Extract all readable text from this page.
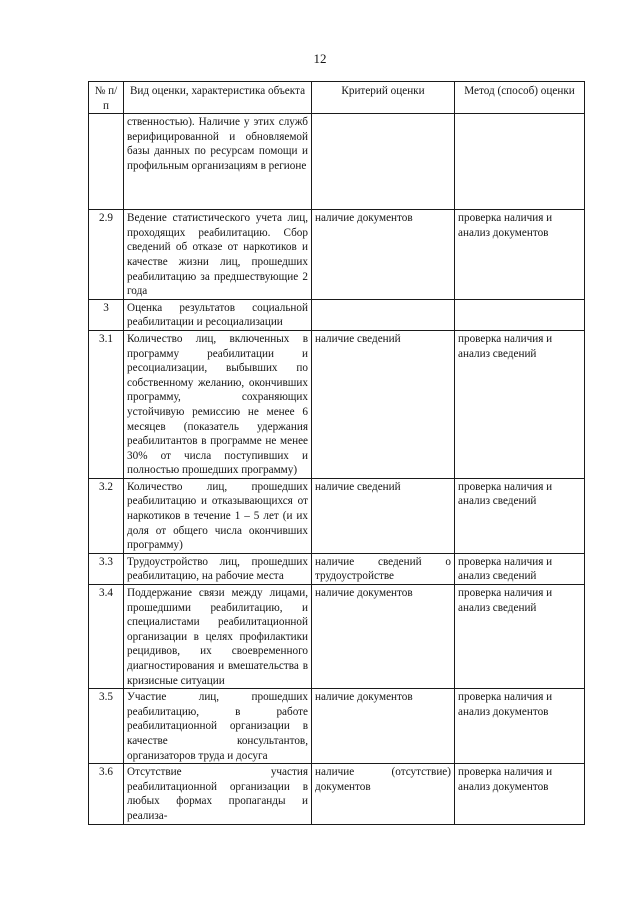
12
№ п/п	Вид оценки, характеристика объекта	Критерий оценки	Метод (способ) оценки
	ственностью). Наличие у этих служб верифицированной и обновляемой базы данных по ресурсам помощи и профильным организациям в регионе		
2.9	Ведение статистического учета лиц, проходящих реабилитацию. Сбор сведений об отказе от наркотиков и качестве жизни лиц, прошедших реабилитацию за предшествующие 2 года	наличие документов	проверка наличия и анализ документов
3	Оценка результатов социальной реабилитации и ресоциализации		
3.1	Количество лиц, включенных в программу реабилитации и ресоциализации, выбывших по собственному желанию, окончивших программу, сохраняющих устойчивую ремиссию не менее 6 месяцев (показатель удержания реабилитантов в программе не менее 30% от числа поступивших и полностью прошедших программу)	наличие сведений	проверка наличия и анализ сведений
3.2	Количество лиц, прошедших реабилитацию и отказывающихся от наркотиков в течение 1 – 5 лет (и их доля от общего числа окончивших программу)	наличие сведений	проверка наличия и анализ сведений
3.3	Трудоустройство лиц, прошедших реабилитацию, на рабочие места	наличие сведений о трудоустройстве	проверка наличия и анализ сведений
3.4	Поддержание связи между лицами, прошедшими реабилитацию, и специалистами реабилитационной организации в целях профилактики рецидивов, их своевременного диагностирования и вмешательства в кризисные ситуации	наличие документов	проверка наличия и анализ сведений
3.5	Участие лиц, прошедших реабилитацию, в работе реабилитационной организации в качестве консультантов, организаторов труда и досуга	наличие документов	проверка наличия и анализ документов
3.6	Отсутствие участия реабилитационной организации в любых формах пропаганды и реализа-	наличие (отсутствие) документов	проверка наличия и анализ документов
